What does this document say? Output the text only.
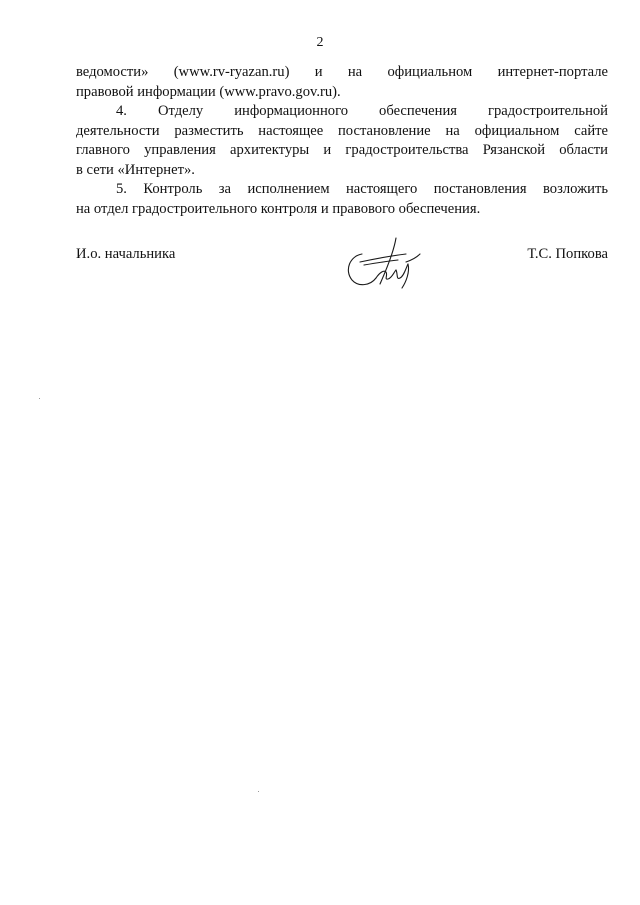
2

ведомости» (www.rv-ryazan.ru) и на официальном интернет-портале
правовой информации (www.pravo.gov.ru).

4. Отделу информационного обеспечения градостроительной
деятельности разместить настоящее постановление на официальном сайте
главного управления архитектуры и градостроительства Рязанской области
в сети «Интернет».

5. Контроль за исполнением настоящего постановления возложить
на отдел градостроительного контроля и правового обеспечения.

И.о. начальника	Т.С. Попкова
